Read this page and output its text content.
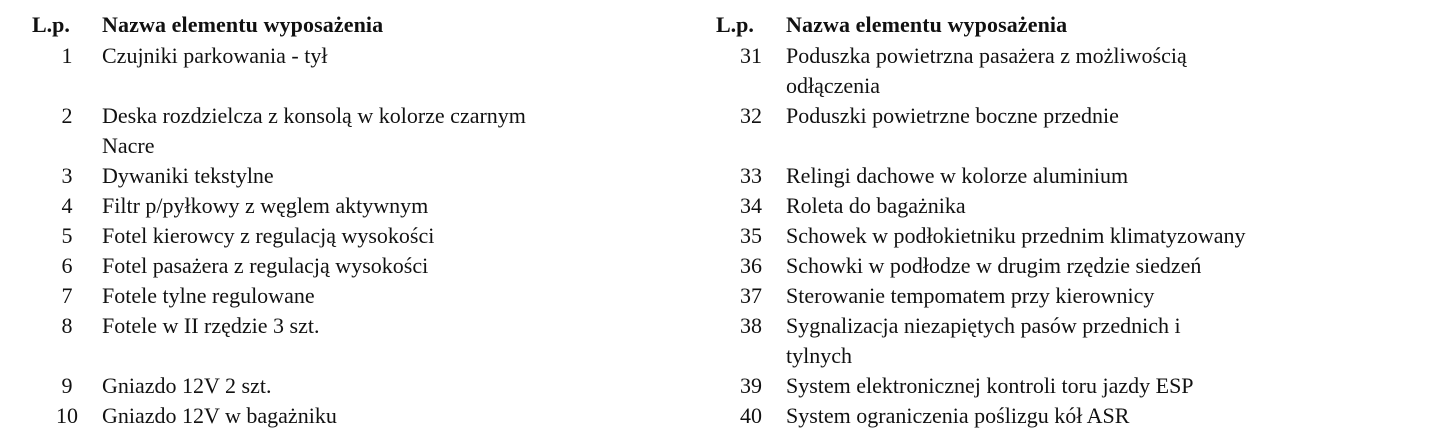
L.p.	Nazwa elementu wyposażenia
1	Czujniki parkowania - tył
2	Deska rozdzielcza z konsolą w kolorze czarnym
Nacre
3	Dywaniki tekstylne
4	Filtr p/pyłkowy z węglem aktywnym
5	Fotel kierowcy z regulacją wysokości
6	Fotel pasażera z regulacją wysokości
7	Fotele tylne regulowane
8	Fotele w II rzędzie 3 szt.
9	Gniazdo 12V 2 szt.
10	Gniazdo 12V w bagażniku
L.p.	Nazwa elementu wyposażenia
31	Poduszka powietrzna pasażera z możliwością
odłączenia
32	Poduszki powietrzne boczne przednie
33	Relingi dachowe w kolorze aluminium
34	Roleta do bagażnika
35	Schowek w podłokietniku przednim klimatyzowany
36	Schowki w podłodze w drugim rzędzie siedzeń
37	Sterowanie tempomatem przy kierownicy
38	Sygnalizacja niezapiętych pasów przednich i
tylnych
39	System elektronicznej kontroli toru jazdy ESP
40	System ograniczenia poślizgu kół ASR
